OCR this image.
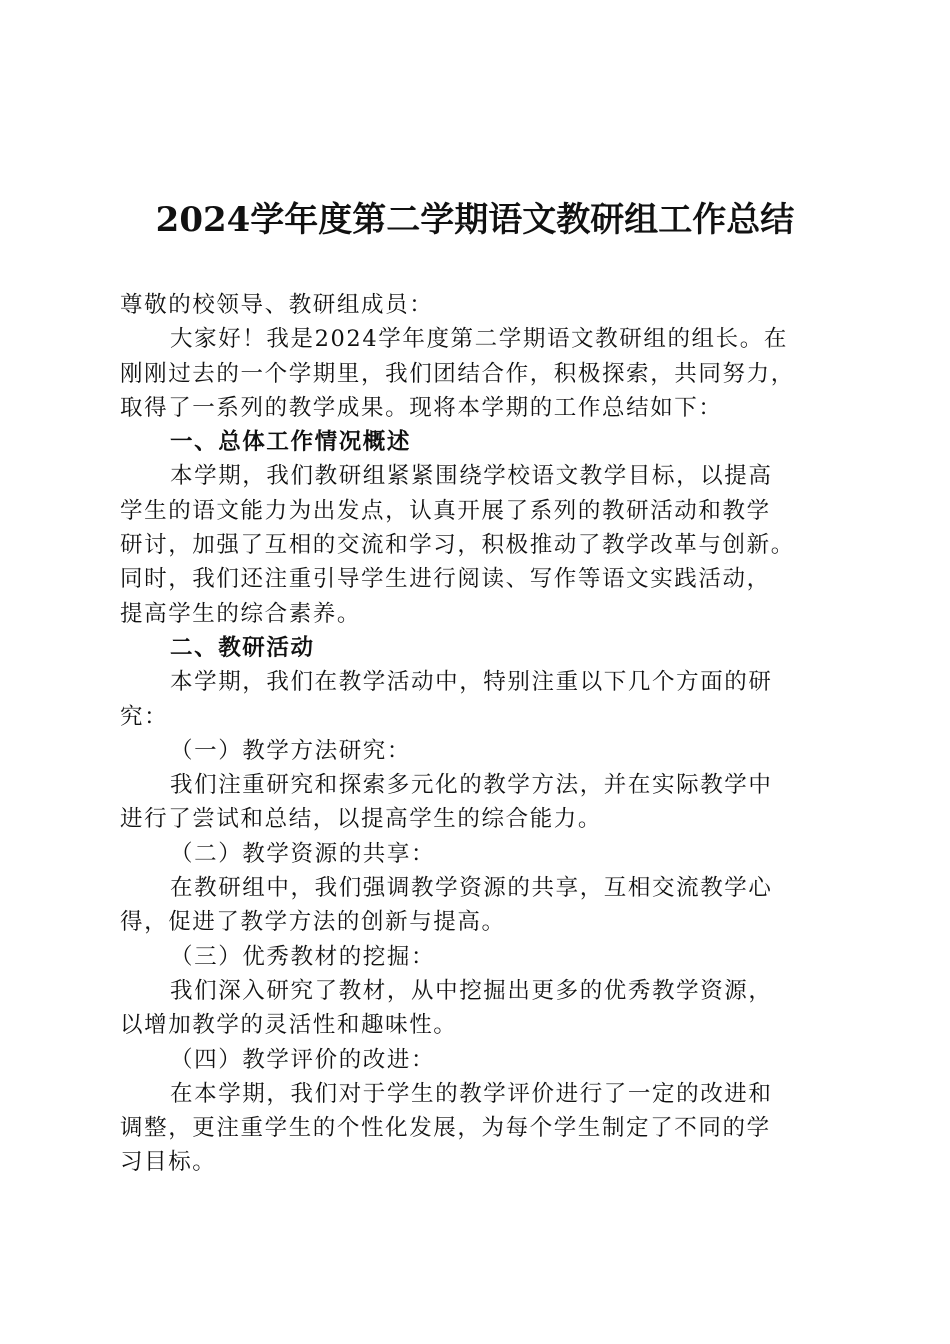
2024学年度第二学期语文教研组工作总结
尊敬的校领导、教研组成员：
大家好！我是2024学年度第二学期语文教研组的组长。在
刚刚过去的一个学期里，我们团结合作，积极探索，共同努力，
取得了一系列的教学成果。现将本学期的工作总结如下：
一、总体工作情况概述
本学期，我们教研组紧紧围绕学校语文教学目标，以提高
学生的语文能力为出发点，认真开展了系列的教研活动和教学
研讨，加强了互相的交流和学习，积极推动了教学改革与创新。
同时，我们还注重引导学生进行阅读、写作等语文实践活动，
提高学生的综合素养。
二、教研活动
本学期，我们在教学活动中，特别注重以下几个方面的研
究：
（一）教学方法研究：
我们注重研究和探索多元化的教学方法，并在实际教学中
进行了尝试和总结，以提高学生的综合能力。
（二）教学资源的共享：
在教研组中，我们强调教学资源的共享，互相交流教学心
得，促进了教学方法的创新与提高。
（三）优秀教材的挖掘：
我们深入研究了教材，从中挖掘出更多的优秀教学资源，
以增加教学的灵活性和趣味性。
（四）教学评价的改进：
在本学期，我们对于学生的教学评价进行了一定的改进和
调整，更注重学生的个性化发展，为每个学生制定了不同的学
习目标。
